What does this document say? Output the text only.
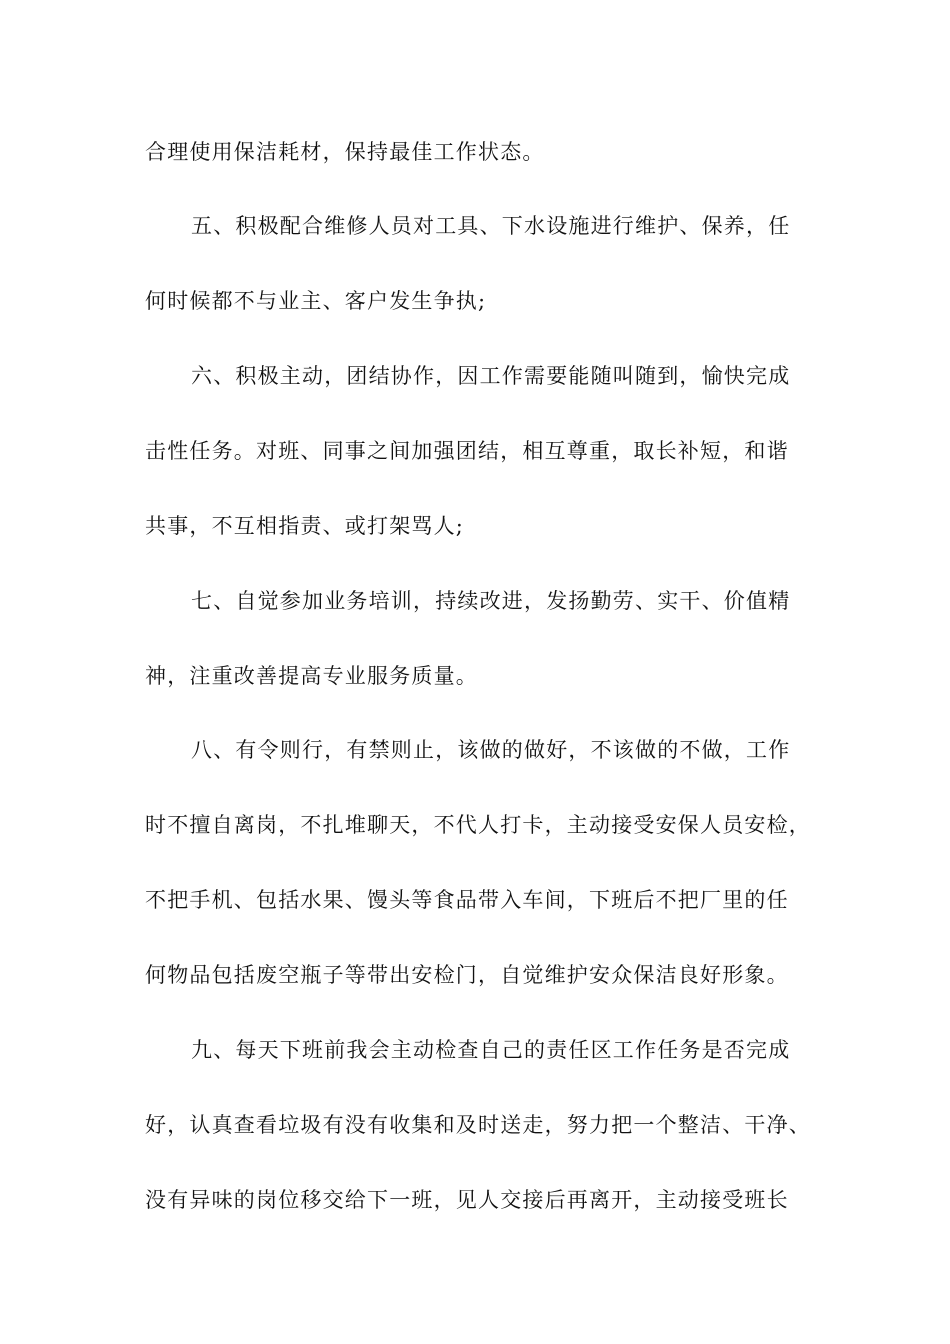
合理使用保洁耗材，保持最佳工作状态。
五、积极配合维修人员对工具、下水设施进行维护、保养，任
何时候都不与业主、客户发生争执;
六、积极主动，团结协作，因工作需要能随叫随到，愉快完成
击性任务。对班、同事之间加强团结，相互尊重，取长补短，和谐
共事，不互相指责、或打架骂人;
七、自觉参加业务培训，持续改进，发扬勤劳、实干、价值精
神，注重改善提高专业服务质量。
八、有令则行，有禁则止，该做的做好，不该做的不做，工作
时不擅自离岗，不扎堆聊天，不代人打卡，主动接受安保人员安检，
不把手机、包括水果、馒头等食品带入车间，下班后不把厂里的任
何物品包括废空瓶子等带出安检门，自觉维护安众保洁良好形象。
九、每天下班前我会主动检查自己的责任区工作任务是否完成
好，认真查看垃圾有没有收集和及时送走，努力把一个整洁、干净、
没有异味的岗位移交给下一班，见人交接后再离开，主动接受班长
